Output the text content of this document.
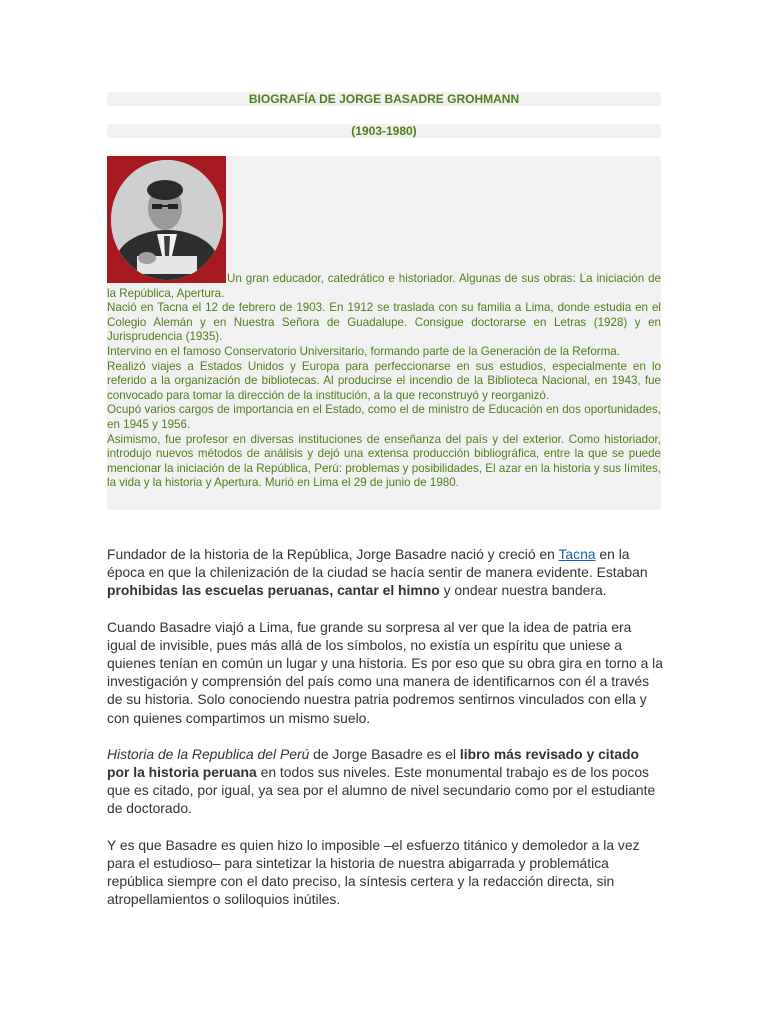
BIOGRAFÍA DE JORGE BASADRE GROHMANN
(1903-1980)

Un gran educador, catedrático e historiador. Algunas de sus obras: La iniciación de la República, Apertura.

Nació en Tacna el 12 de febrero de 1903. En 1912 se traslada con su familia a Lima, donde estudia en el Colegio Alemán y en Nuestra Señora de Guadalupe. Consigue doctorarse en Letras (1928) y en Jurisprudencia (1935).

Intervino en el famoso Conservatorio Universitario, formando parte de la Generación de la Reforma.

Realizó viajes a Estados Unidos y Europa para perfeccionarse en sus estudios, especialmente en lo referido a la organización de bibliotecas. Al producirse el incendio de la Biblioteca Nacional, en 1943, fue convocado para tomar la dirección de la institución, a la que reconstruyó y reorganizó.

Ocupó varios cargos de importancia en el Estado, como el de ministro de Educación en dos oportunidades, en 1945 y 1956.

Asimismo, fue profesor en diversas instituciones de enseñanza del país y del exterior. Como historiador, introdujo nuevos métodos de análisis y dejó una extensa producción bibliográfica, entre la que se puede mencionar la iniciación de la República, Perú: problemas y posibilidades, El azar en la historia y sus límites, la vida y la historia y Apertura. Murió en Lima el 29 de junio de 1980.

Fundador de la historia de la República, Jorge Basadre nació y creció en Tacna en la época en que la chilenización de la ciudad se hacía sentir de manera evidente. Estaban prohibidas las escuelas peruanas, cantar el himno y ondear nuestra bandera.

Cuando Basadre viajó a Lima, fue grande su sorpresa al ver que la idea de patria era igual de invisible, pues más allá de los símbolos, no existía un espíritu que uniese a quienes tenían en común un lugar y una historia. Es por eso que su obra gira en torno a la investigación y comprensión del país como una manera de identificarnos con él a través de su historia. Solo conociendo nuestra patria podremos sentirnos vinculados con ella y con quienes compartimos un mismo suelo.

Historia de la Republica del Perú de Jorge Basadre es el libro más revisado y citado por la historia peruana en todos sus niveles. Este monumental trabajo es de los pocos que es citado, por igual, ya sea por el alumno de nivel secundario como por el estudiante de doctorado.

Y es que Basadre es quien hizo lo imposible –el esfuerzo titánico y demoledor a la vez para el estudioso– para sintetizar la historia de nuestra abigarrada y problemática república siempre con el dato preciso, la síntesis certera y la redacción directa, sin atropellamientos o soliloquios inútiles.
